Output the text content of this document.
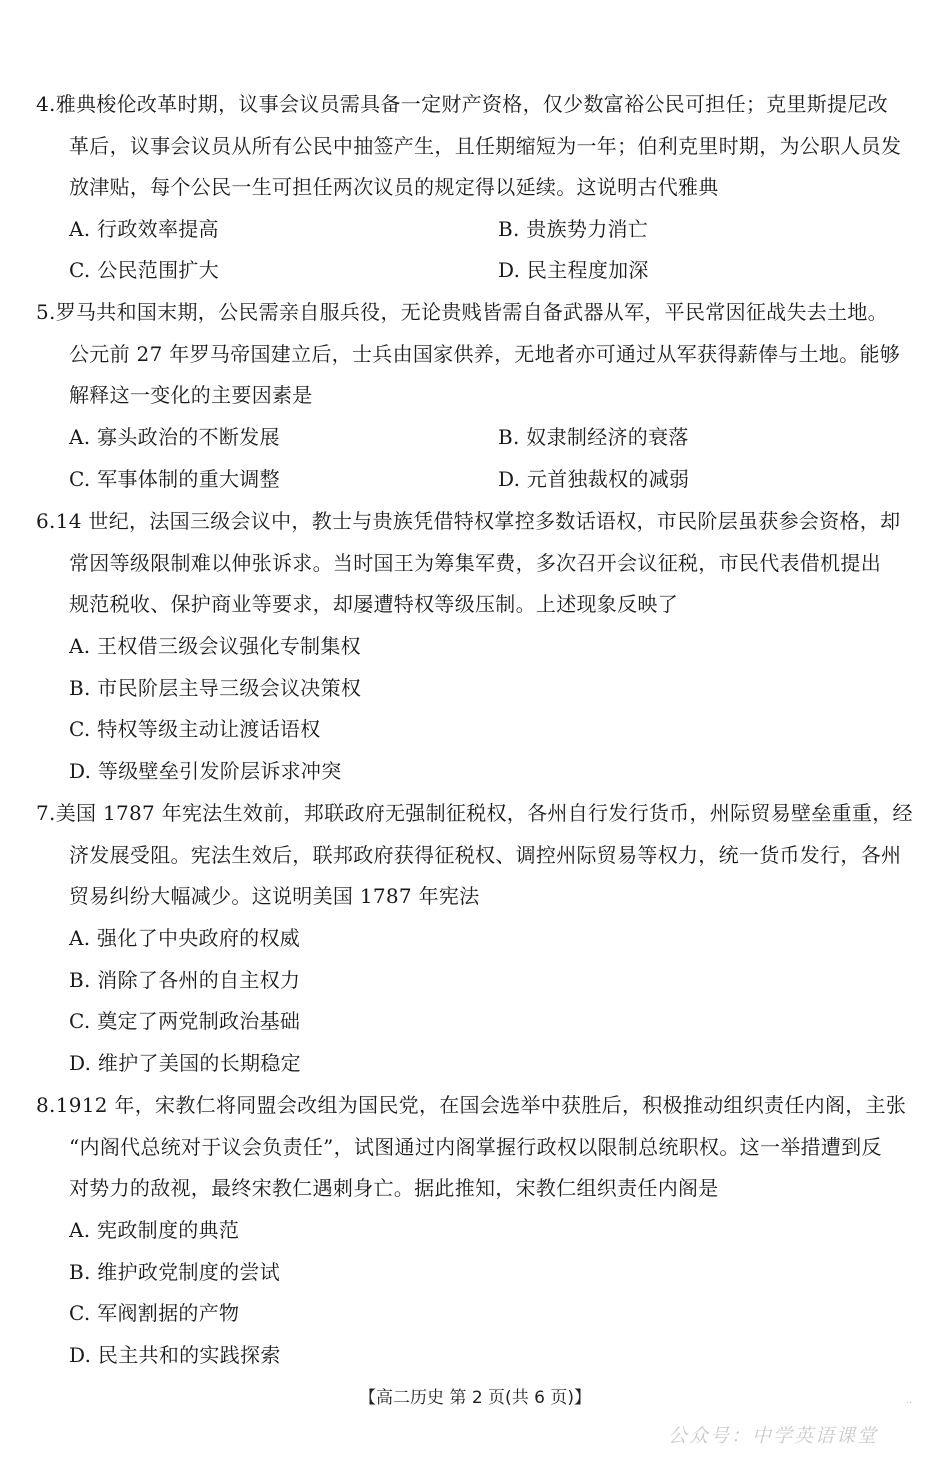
4.雅典梭伦改革时期，议事会议员需具备一定财产资格，仅少数富裕公民可担任；克里斯提尼改
革后，议事会议员从所有公民中抽签产生，且任期缩短为一年；伯利克里时期，为公职人员发
放津贴，每个公民一生可担任两次议员的规定得以延续。这说明古代雅典
A. 行政效率提高	B. 贵族势力消亡
C. 公民范围扩大	D. 民主程度加深
5.罗马共和国末期，公民需亲自服兵役，无论贵贱皆需自备武器从军，平民常因征战失去土地。
公元前 27 年罗马帝国建立后，士兵由国家供养，无地者亦可通过从军获得薪俸与土地。能够
解释这一变化的主要因素是
A. 寡头政治的不断发展	B. 奴隶制经济的衰落
C. 军事体制的重大调整	D. 元首独裁权的减弱
6.14 世纪，法国三级会议中，教士与贵族凭借特权掌控多数话语权，市民阶层虽获参会资格，却
常因等级限制难以伸张诉求。当时国王为筹集军费，多次召开会议征税，市民代表借机提出
规范税收、保护商业等要求，却屡遭特权等级压制。上述现象反映了
A. 王权借三级会议强化专制集权
B. 市民阶层主导三级会议决策权
C. 特权等级主动让渡话语权
D. 等级壁垒引发阶层诉求冲突
7.美国 1787 年宪法生效前，邦联政府无强制征税权，各州自行发行货币，州际贸易壁垒重重，经
济发展受阻。宪法生效后，联邦政府获得征税权、调控州际贸易等权力，统一货币发行，各州
贸易纠纷大幅减少。这说明美国 1787 年宪法
A. 强化了中央政府的权威
B. 消除了各州的自主权力
C. 奠定了两党制政治基础
D. 维护了美国的长期稳定
8.1912 年，宋教仁将同盟会改组为国民党，在国会选举中获胜后，积极推动组织责任内阁，主张
“内阁代总统对于议会负责任”，试图通过内阁掌握行政权以限制总统职权。这一举措遭到反
对势力的敌视，最终宋教仁遇刺身亡。据此推知，宋教仁组织责任内阁是
A. 宪政制度的典范
B. 维护政党制度的尝试
C. 军阀割据的产物
D. 民主共和的实践探索
【高二历史 第 2 页(共 6 页)】	··
公众号：中学英语课堂
